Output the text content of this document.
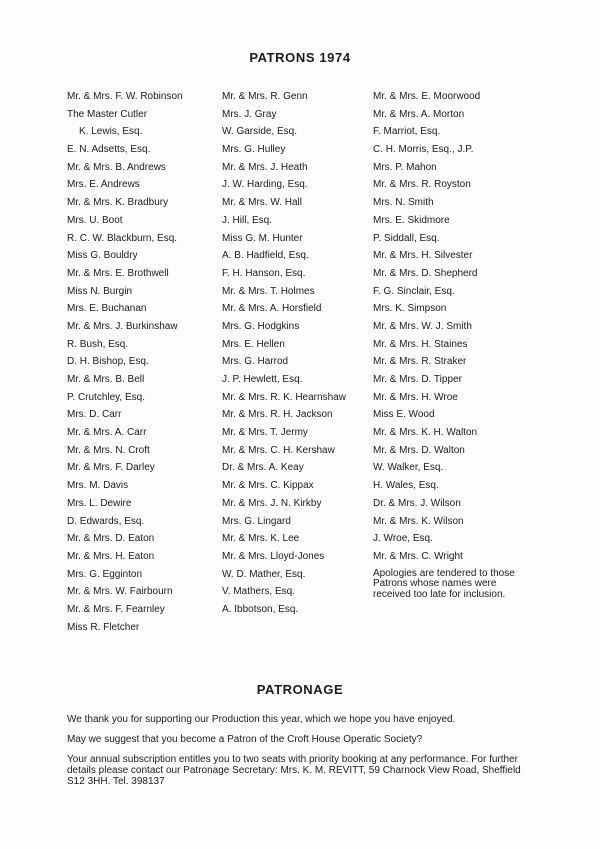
PATRONS 1974
Mr. & Mrs. F. W. Robinson
The Master Cutler
K. Lewis, Esq.
E. N. Adsetts, Esq.
Mr. & Mrs. B. Andrews
Mrs. E. Andrews
Mr. & Mrs. K. Bradbury
Mrs. U. Boot
R. C. W. Blackburn, Esq.
Miss G. Bouldry
Mr. & Mrs. E. Brothwell
Miss N. Burgin
Mrs. E. Buchanan
Mr. & Mrs. J. Burkinshaw
R. Bush, Esq.
D. H. Bishop, Esq.
Mr. & Mrs. B. Bell
P. Crutchley, Esq.
Mrs. D. Carr
Mr. & Mrs. A. Carr
Mr. & Mrs. N. Croft
Mr. & Mrs. F. Darley
Mrs. M. Davis
Mrs. L. Dewire
D. Edwards, Esq.
Mr. & Mrs. D. Eaton
Mr. & Mrs. H. Eaton
Mrs. G. Egginton
Mr. & Mrs. W. Fairbourn
Mr. & Mrs. F. Fearnley
Miss R. Fletcher
Mr. & Mrs. R. Genn
Mrs. J. Gray
W. Garside, Esq.
Mrs. G. Hulley
Mr. & Mrs. J. Heath
J. W. Harding, Esq.
Mr. & Mrs. W. Hall
J. Hill, Esq.
Miss G. M. Hunter
A. B. Hadfield, Esq.
F. H. Hanson, Esq.
Mr. & Mrs. T. Holmes
Mr. & Mrs. A. Horsfield
Mrs. G. Hodgkins
Mrs. E. Hellen
Mrs. G. Harrod
J. P. Hewlett, Esq.
Mr. & Mrs. R. K. Hearnshaw
Mr. & Mrs. R. H. Jackson
Mr. & Mrs. T. Jermy
Mr. & Mrs. C. H. Kershaw
Dr. & Mrs. A. Keay
Mr. & Mrs. C. Kippax
Mr. & Mrs. J. N. Kirkby
Mrs. G. Lingard
Mr. & Mrs. K. Lee
Mr. & Mrs. Lloyd-Jones
W. D. Mather, Esq.
V. Mathers, Esq.
A. Ibbotson, Esq.
Mr. & Mrs. E. Moorwood
Mr. & Mrs. A. Morton
F. Marriot, Esq.
C. H. Morris, Esq., J.P.
Mrs. P. Mahon
Mr. & Mrs. R. Royston
Mrs. N. Smith
Mrs. E. Skidmore
P. Siddall, Esq.
Mr. & Mrs. H. Silvester
Mr. & Mrs. D. Shepherd
F. G. Sinclair, Esq.
Mrs. K. Simpson
Mr. & Mrs. W. J. Smith
Mr. & Mrs. H. Staines
Mr. & Mrs. R. Straker
Mr. & Mrs. D. Tipper
Mr. & Mrs. H. Wroe
Miss E. Wood
Mr. & Mrs. K. H. Walton
Mr. & Mrs. D. Walton
W. Walker, Esq.
H. Wales, Esq.
Dr. & Mrs. J. Wilson
Mr. & Mrs. K. Wilson
J. Wroe, Esq.
Mr. & Mrs. C. Wright
Apologies are tendered to those Patrons whose names were received too late for inclusion.
PATRONAGE
We thank you for supporting our Production this year, which we hope you have enjoyed.
May we suggest that you become a Patron of the Croft House Operatic Society?
Your annual subscription entitles you to two seats with priority booking at any performance. For further details please contact our Patronage Secretary: Mrs. K. M. REVITT, 59 Charnock View Road, Sheffield S12 3HH. Tel. 398137
